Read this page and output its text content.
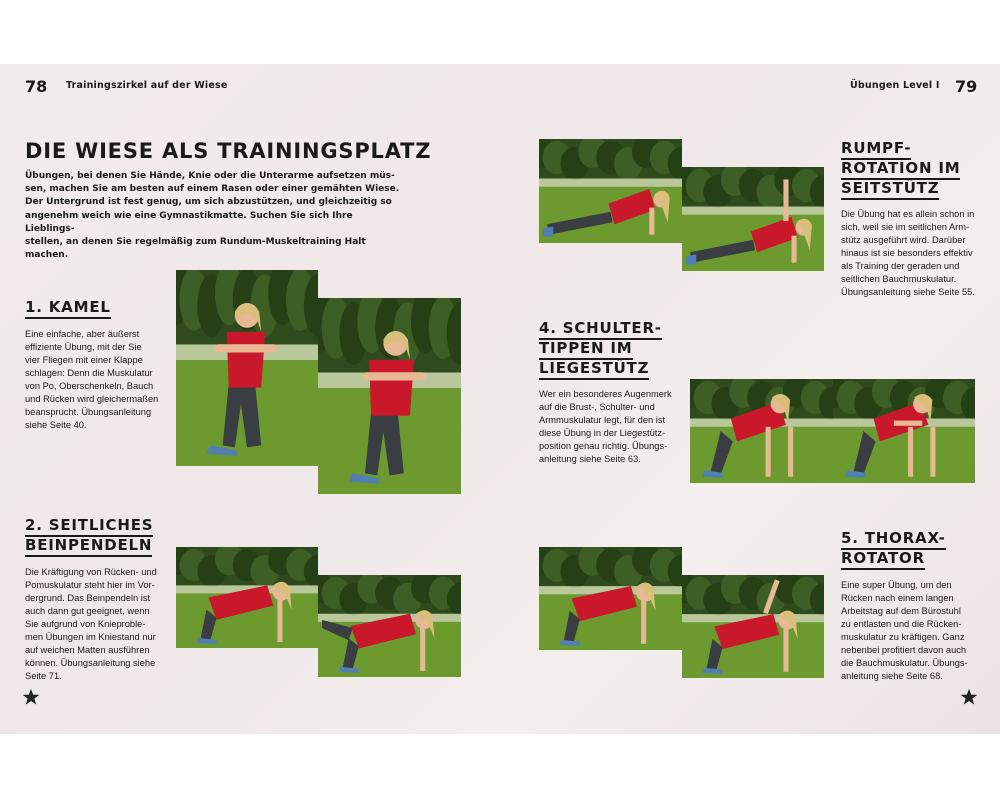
78 Trainingszirkel auf der Wiese	Übungen Level I 79
DIE WIESE ALS TRAININGSPLATZ

Übungen, bei denen Sie Hände, Knie oder die Unterarme aufsetzen müs-
sen, machen Sie am besten auf einem Rasen oder einer gemähten Wiese.
Der Untergrund ist fest genug, um sich abzustützen, und gleichzeitig so
angenehm weich wie eine Gymnastikmatte. Suchen Sie sich Ihre Lieblings-
stellen, an denen Sie regelmäßig zum Rundum-Muskeltraining Halt machen.

1. KAMEL

Eine einfache, aber äußerst
effiziente Übung, mit der Sie
vier Fliegen mit einer Klappe
schlagen: Denn die Muskulatur
von Po, Oberschenkeln, Bauch
und Rücken wird gleichermaßen
beansprucht. Übungsanleitung
siehe Seite 40.

2. SEITLICHES
BEINPENDELN

Die Kräftigung von Rücken- und
Pomuskulatur steht hier im Vor-
dergrund. Das Beinpendeln ist
auch dann gut geeignet, wenn
Sie aufgrund von Knieproble-
men Übungen im Kniestand nur
auf weichen Matten ausführen
können. Übungsanleitung siehe
Seite 71.

RUMPF-
ROTATION IM
SEITSTÜTZ

Die Übung hat es allein schon in
sich, weil sie im seitlichen Arm-
stütz ausgeführt wird. Darüber
hinaus ist sie besonders effektiv
als Training der geraden und
seitlichen Bauchmuskulatur.
Übungsanleitung siehe Seite 55.

4. SCHULTER-
TIPPEN IM
LIEGESTÜTZ

Wer ein besonderes Augenmerk
auf die Brust-, Schulter- und
Armmuskulatur legt, für den ist
diese Übung in der Liegestütz-
position genau richtig. Übungs-
anleitung siehe Seite 63.

5. THORAX-
ROTATOR

Eine super Übung, um den
Rücken nach einem langen
Arbeitstag auf dem Bürostuhl
zu entlasten und die Rücken-
muskulatur zu kräftigen. Ganz
nebenbei profitiert davon auch
die Bauchmuskulatur. Übungs-
anleitung siehe Seite 68.
